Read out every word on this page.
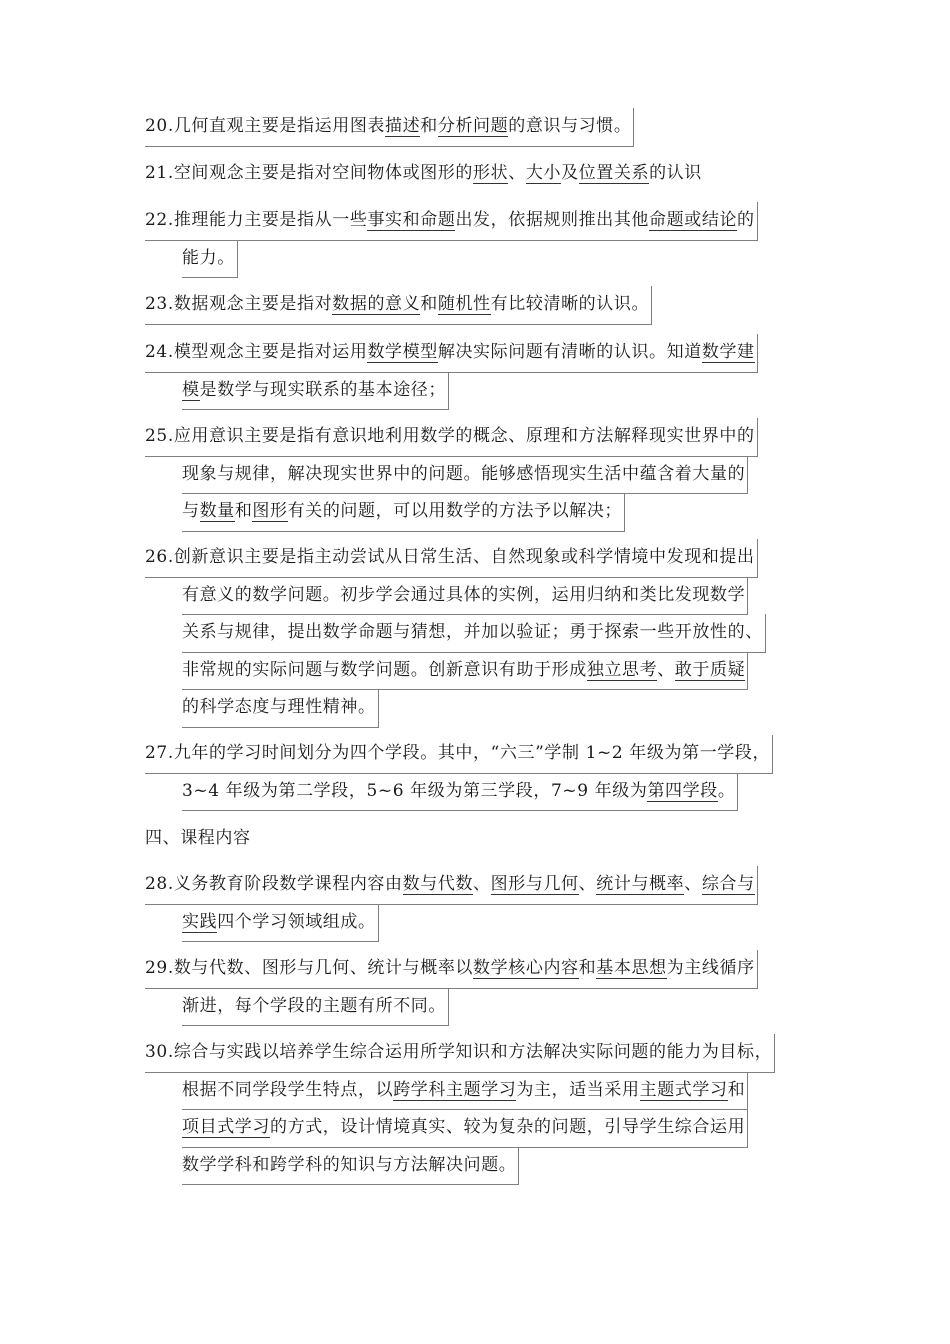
20.几何直观主要是指运用图表描述和分析问题的意识与习惯。
21.空间观念主要是指对空间物体或图形的形状、大小及位置关系的认识
22.推理能力主要是指从一些事实和命题出发，依据规则推出其他命题或结论的
能力。
23.数据观念主要是指对数据的意义和随机性有比较清晰的认识。
24.模型观念主要是指对运用数学模型解决实际问题有清晰的认识。知道数学建
模是数学与现实联系的基本途径；
25.应用意识主要是指有意识地利用数学的概念、原理和方法解释现实世界中的
现象与规律，解决现实世界中的问题。能够感悟现实生活中蕴含着大量的
与数量和图形有关的问题，可以用数学的方法予以解决；
26.创新意识主要是指主动尝试从日常生活、自然现象或科学情境中发现和提出
有意义的数学问题。初步学会通过具体的实例，运用归纳和类比发现数学
关系与规律，提出数学命题与猜想，并加以验证；勇于探索一些开放性的、
非常规的实际问题与数学问题。创新意识有助于形成独立思考、敢于质疑
的科学态度与理性精神。
27.九年的学习时间划分为四个学段。其中，“六三”学制 1~2 年级为第一学段，
3~4 年级为第二学段，5~6 年级为第三学段，7~9 年级为第四学段。
28.义务教育阶段数学课程内容由数与代数、图形与几何、统计与概率、综合与
实践四个学习领域组成。
29.数与代数、图形与几何、统计与概率以数学核心内容和基本思想为主线循序
渐进，每个学段的主题有所不同。
30.综合与实践以培养学生综合运用所学知识和方法解决实际问题的能力为目标，
根据不同学段学生特点，以跨学科主题学习为主，适当采用主题式学习和
项目式学习的方式，设计情境真实、较为复杂的问题，引导学生综合运用
数学学科和跨学科的知识与方法解决问题。
四、课程内容
